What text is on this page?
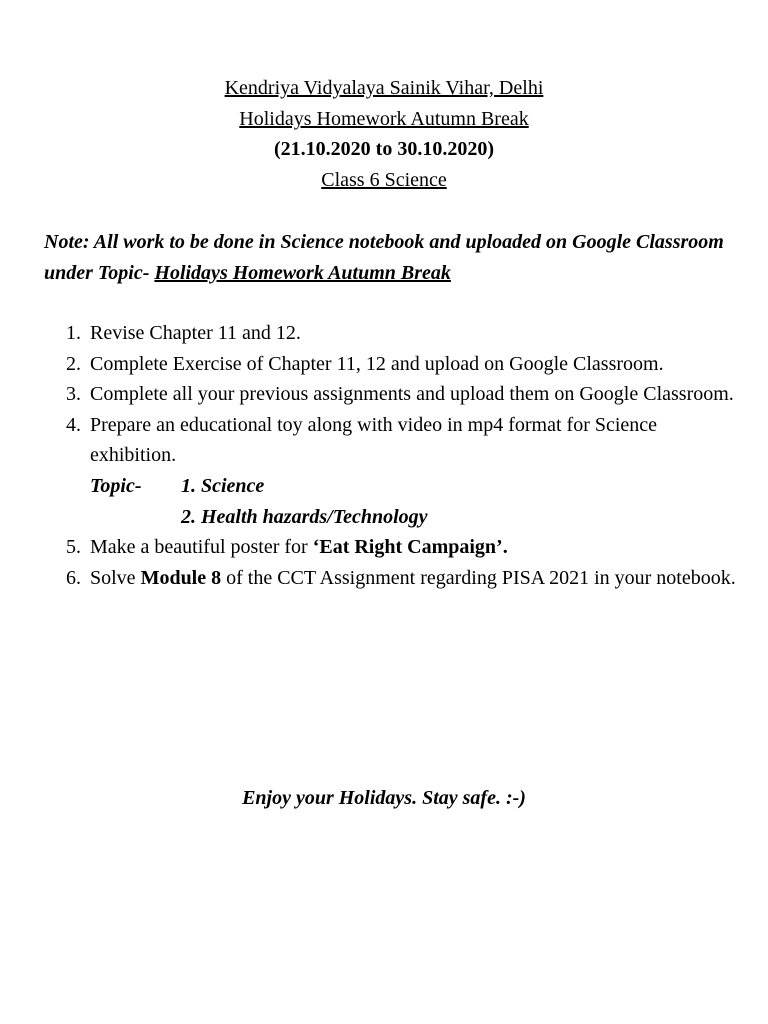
Kendriya Vidyalaya Sainik Vihar, Delhi
Holidays Homework Autumn Break
(21.10.2020 to 30.10.2020)
Class 6 Science
Note: All work to be done in Science notebook and uploaded on Google Classroom under Topic- Holidays Homework Autumn Break
1. Revise Chapter 11 and 12.
2. Complete Exercise of Chapter 11, 12 and upload on Google Classroom.
3. Complete all your previous assignments and upload them on Google Classroom.
4. Prepare an educational toy along with video in mp4 format for Science exhibition.
Topic- 1. Science
2. Health hazards/Technology
5. Make a beautiful poster for ‘Eat Right Campaign’.
6. Solve Module 8 of the CCT Assignment regarding PISA 2021 in your notebook.
Enjoy your Holidays. Stay safe. :-)
